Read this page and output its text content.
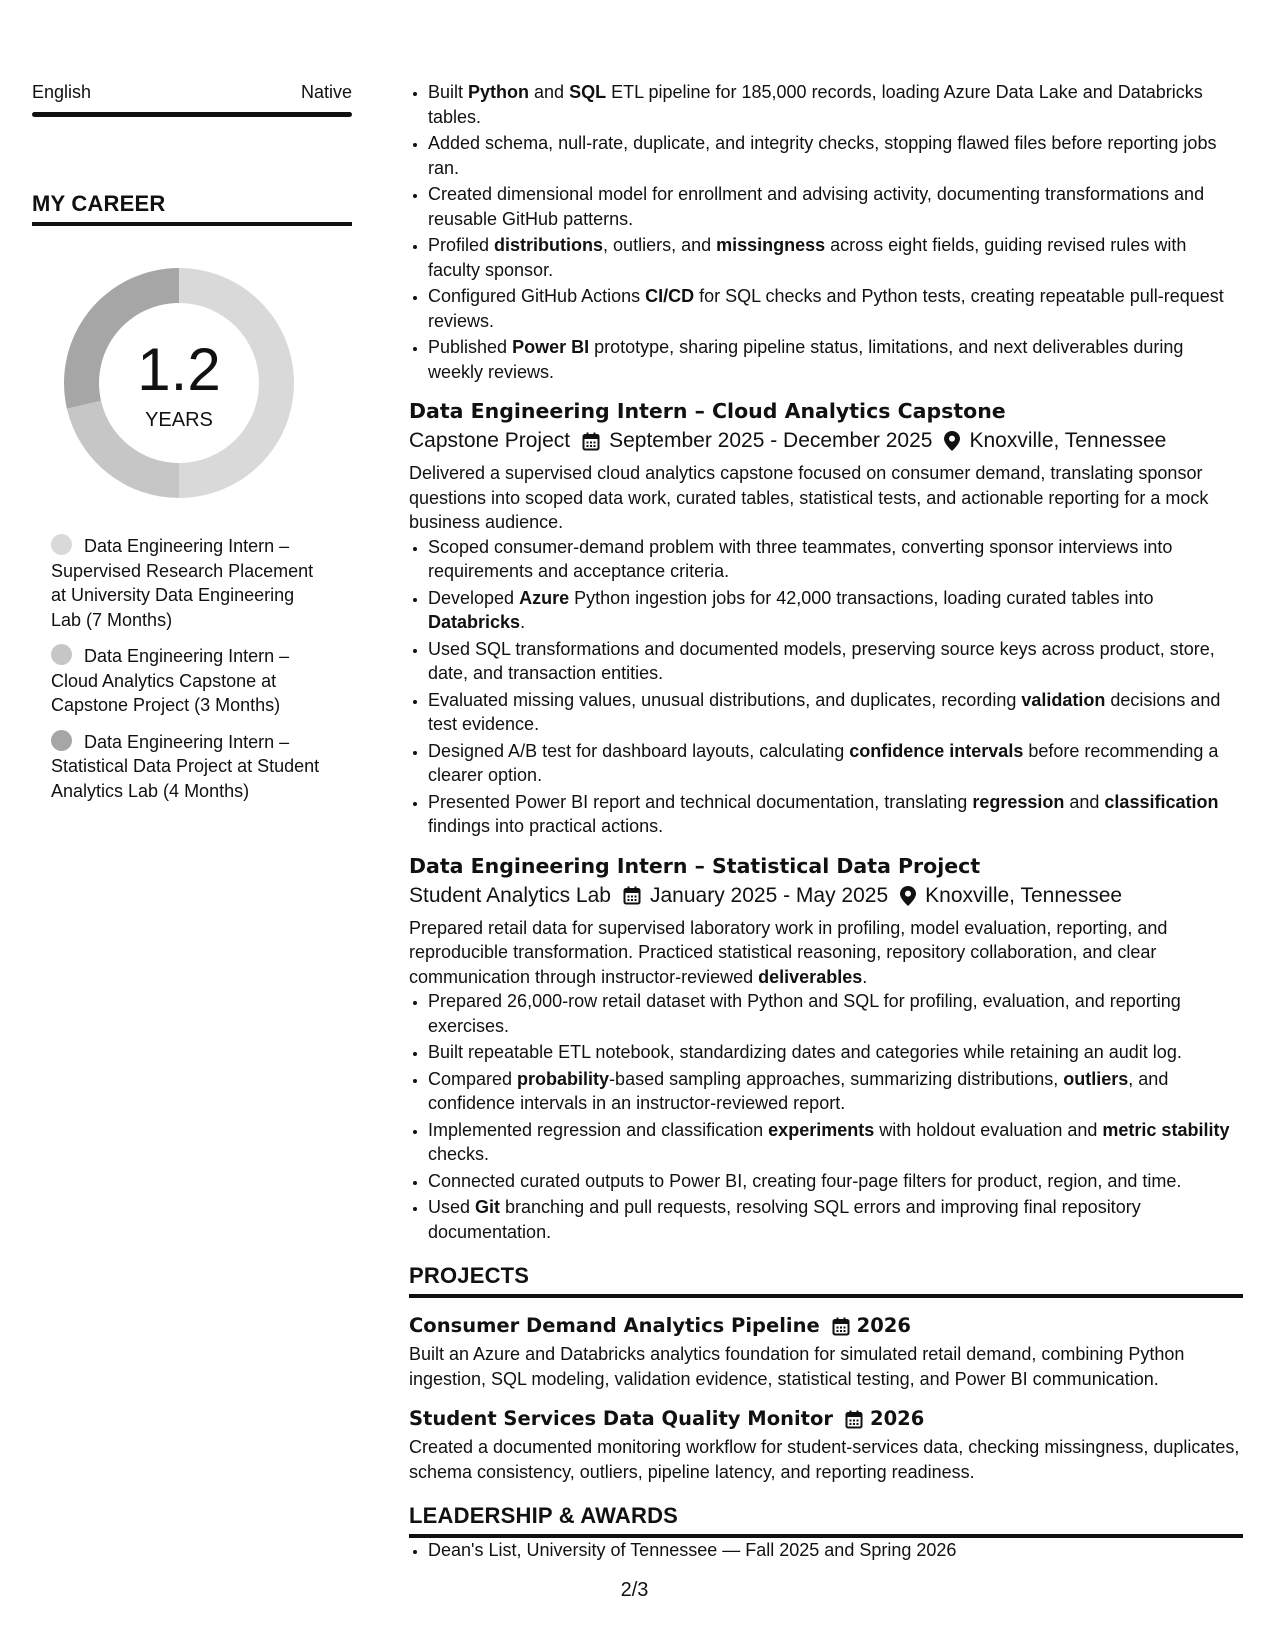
English	Native
MY CAREER
1.2
YEARS
Data Engineering Intern – Supervised Research Placement at University Data Engineering Lab (7 Months)
Data Engineering Intern – Cloud Analytics Capstone at Capstone Project (3 Months)
Data Engineering Intern – Statistical Data Project at Student Analytics Lab (4 Months)
• Built Python and SQL ETL pipeline for 185,000 records, loading Azure Data Lake and Databricks tables.
• Added schema, null-rate, duplicate, and integrity checks, stopping flawed files before reporting jobs ran.
• Created dimensional model for enrollment and advising activity, documenting transformations and reusable GitHub patterns.
• Profiled distributions, outliers, and missingness across eight fields, guiding revised rules with faculty sponsor.
• Configured GitHub Actions CI/CD for SQL checks and Python tests, creating repeatable pull-request reviews.
• Published Power BI prototype, sharing pipeline status, limitations, and next deliverables during weekly reviews.
Data Engineering Intern – Cloud Analytics Capstone
Capstone Project September 2025 - December 2025 Knoxville, Tennessee
Delivered a supervised cloud analytics capstone focused on consumer demand, translating sponsor questions into scoped data work, curated tables, statistical tests, and actionable reporting for a mock business audience.
• Scoped consumer-demand problem with three teammates, converting sponsor interviews into requirements and acceptance criteria.
• Developed Azure Python ingestion jobs for 42,000 transactions, loading curated tables into Databricks.
• Used SQL transformations and documented models, preserving source keys across product, store, date, and transaction entities.
• Evaluated missing values, unusual distributions, and duplicates, recording validation decisions and test evidence.
• Designed A/B test for dashboard layouts, calculating confidence intervals before recommending a clearer option.
• Presented Power BI report and technical documentation, translating regression and classification findings into practical actions.
Data Engineering Intern – Statistical Data Project
Student Analytics Lab January 2025 - May 2025 Knoxville, Tennessee
Prepared retail data for supervised laboratory work in profiling, model evaluation, reporting, and reproducible transformation. Practiced statistical reasoning, repository collaboration, and clear communication through instructor-reviewed deliverables.
• Prepared 26,000-row retail dataset with Python and SQL for profiling, evaluation, and reporting exercises.
• Built repeatable ETL notebook, standardizing dates and categories while retaining an audit log.
• Compared probability-based sampling approaches, summarizing distributions, outliers, and confidence intervals in an instructor-reviewed report.
• Implemented regression and classification experiments with holdout evaluation and metric stability checks.
• Connected curated outputs to Power BI, creating four-page filters for product, region, and time.
• Used Git branching and pull requests, resolving SQL errors and improving final repository documentation.
PROJECTS
Consumer Demand Analytics Pipeline 2026
Built an Azure and Databricks analytics foundation for simulated retail demand, combining Python ingestion, SQL modeling, validation evidence, statistical testing, and Power BI communication.
Student Services Data Quality Monitor 2026
Created a documented monitoring workflow for student-services data, checking missingness, duplicates, schema consistency, outliers, pipeline latency, and reporting readiness.
LEADERSHIP & AWARDS
• Dean's List, University of Tennessee — Fall 2025 and Spring 2026
2/3
